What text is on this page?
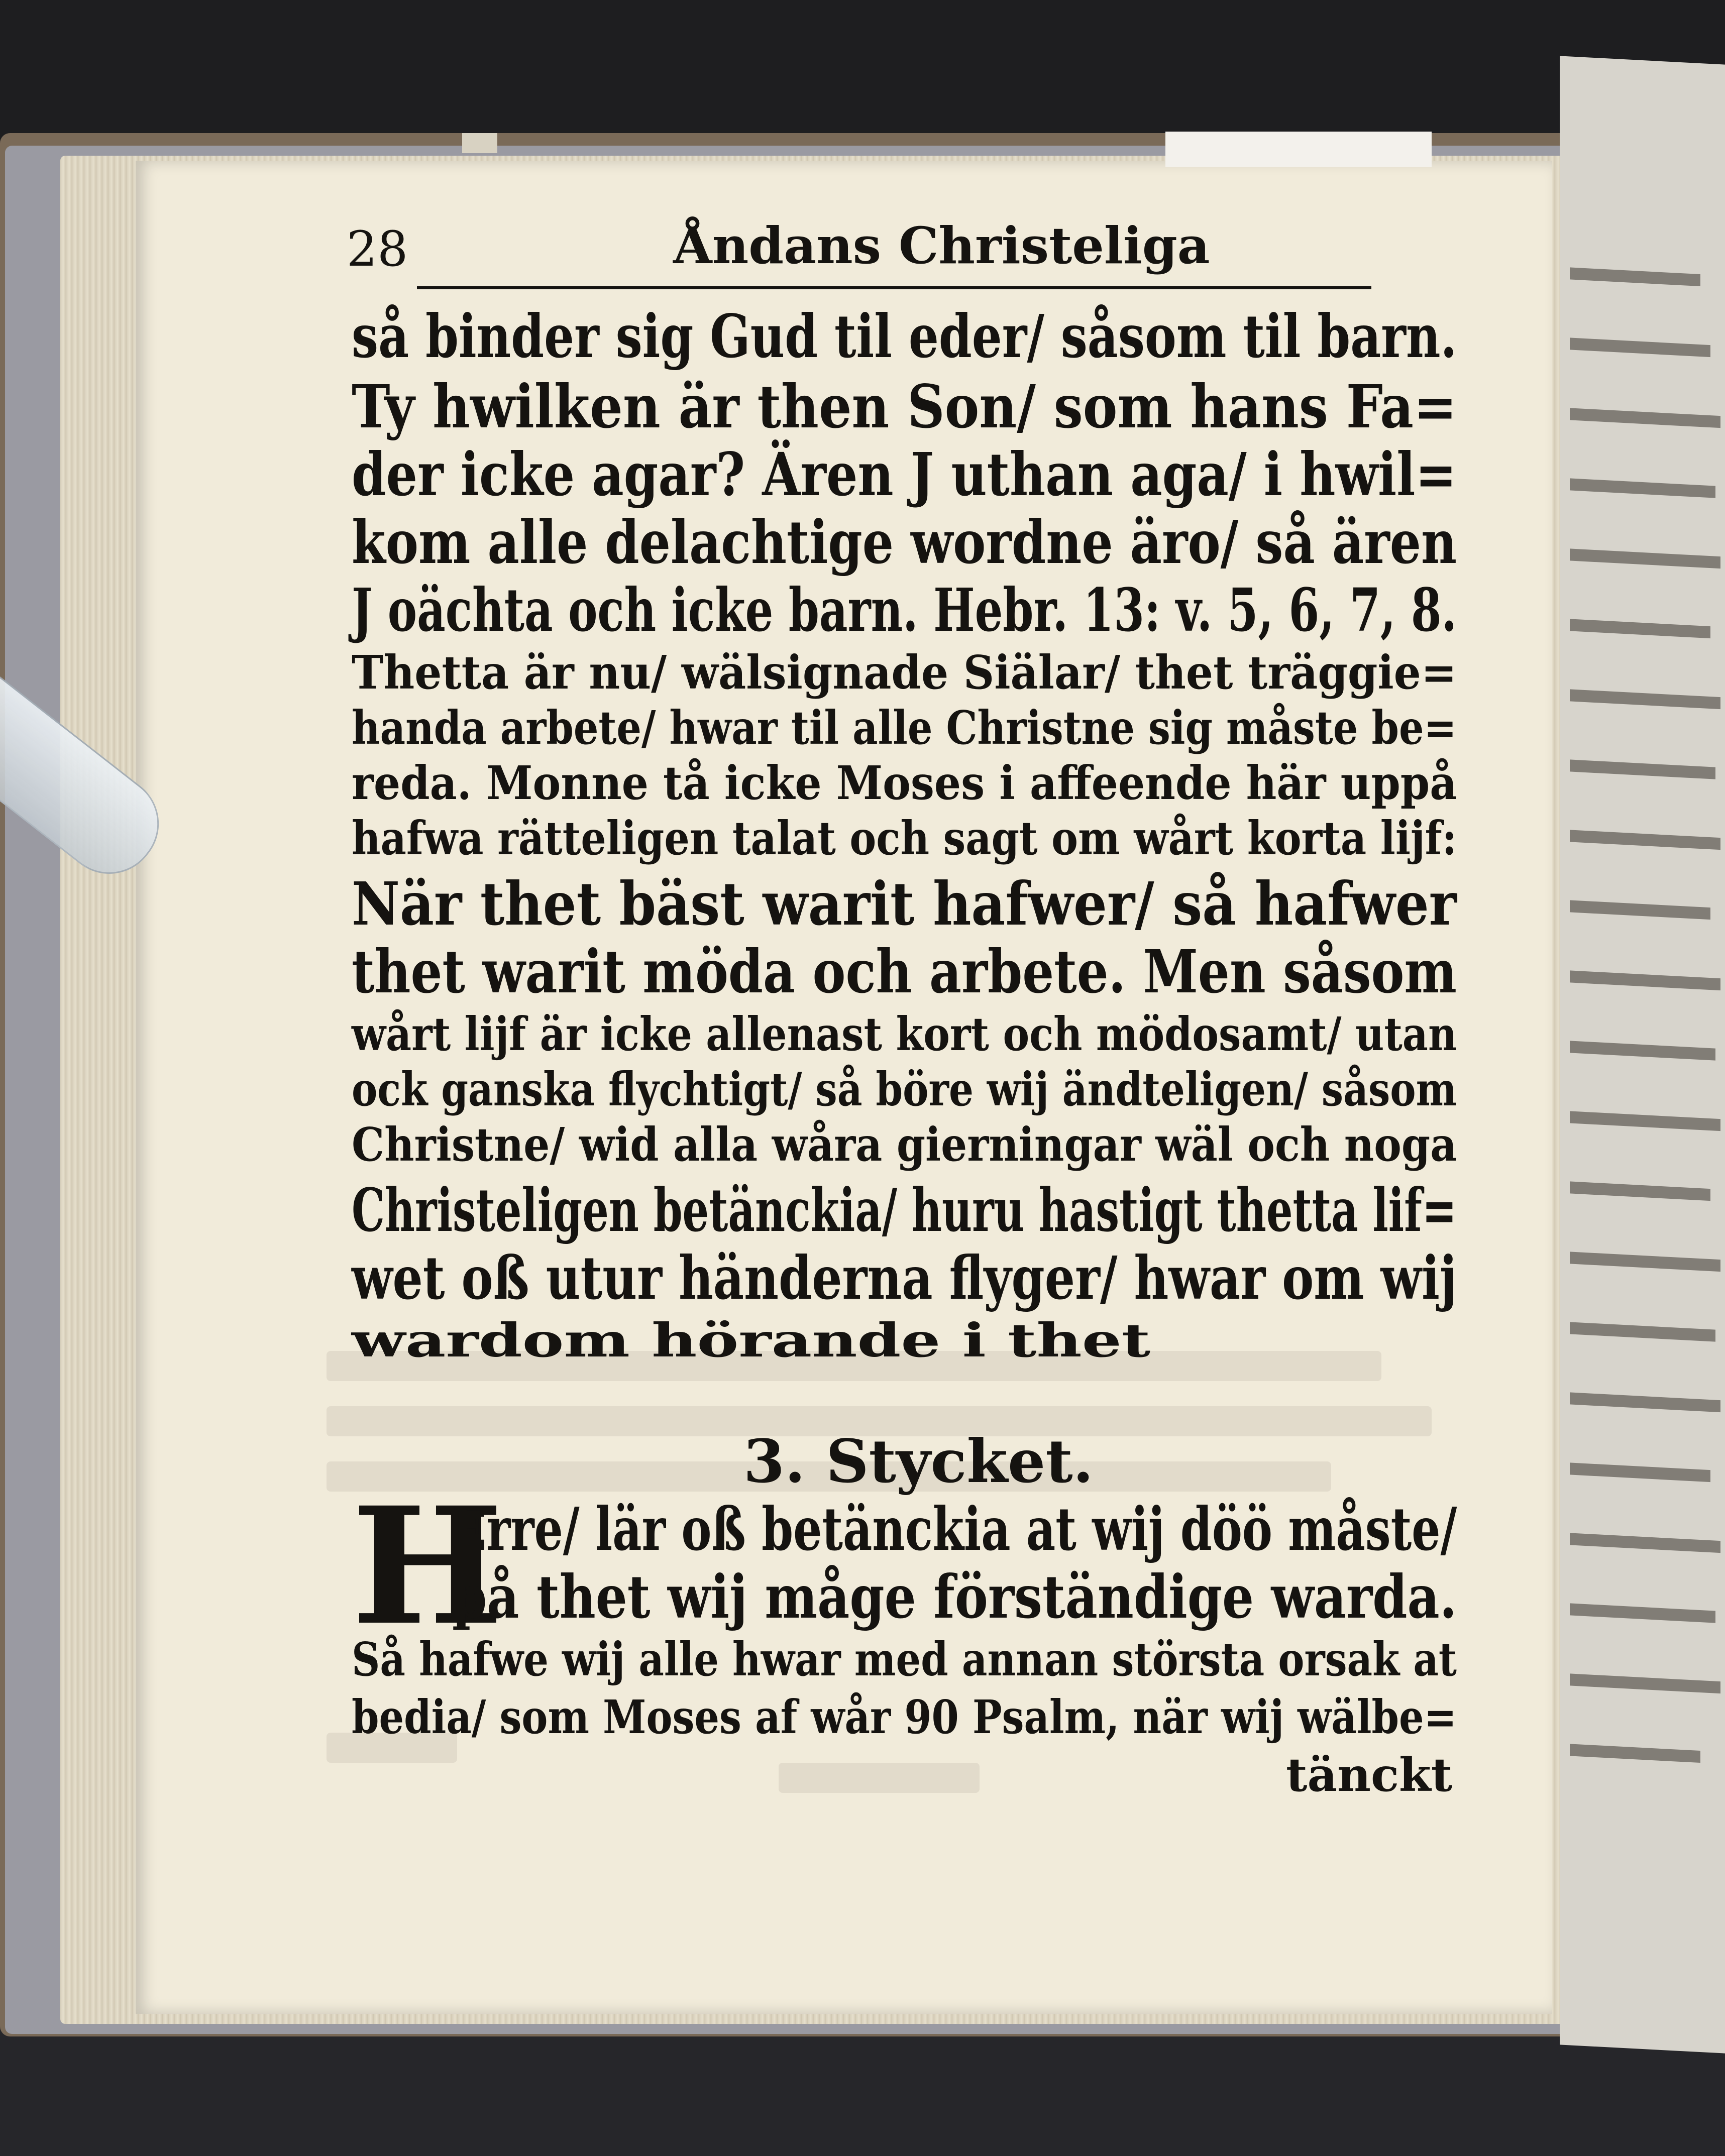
28	Åndans Christeliga
så binder sig Gud til eder/ såsom til barn.
Ty hwilken är then Son/ som hans Fa=
der icke agar? Ären J uthan aga/ i hwil=
kom alle delachtige wordne äro/ så ären
J oächta och icke barn. Hebr. 13: v. 5, 6, 7, 8.
Thetta är nu/ wälsignade Siälar/ thet träggie=
handa arbete/ hwar til alle Christne sig måste be=
reda. Monne tå icke Moses i affeende här uppå
hafwa rätteligen talat och sagt om wårt korta lijf:
När thet bäst warit hafwer/ så hafwer
thet warit möda och arbete. Men såsom
wårt lijf är icke allenast kort och mödosamt/ utan
ock ganska flychtigt/ så böre wij ändteligen/ såsom
Christne/ wid alla wåra gierningar wäl och noga
Christeligen betänckia/ huru hastigt thetta lif=
wet oß utur händerna flyger/ hwar om wij
wardom hörande i thet
3. Stycket.
H
Erre/ lär oß betänckia at wij döö måste/
på thet wij måge förständige warda.
Så hafwe wij alle hwar med annan största orsak at
bedia/ som Moses af wår 90 Psalm, när wij wälbe=
tänckt
